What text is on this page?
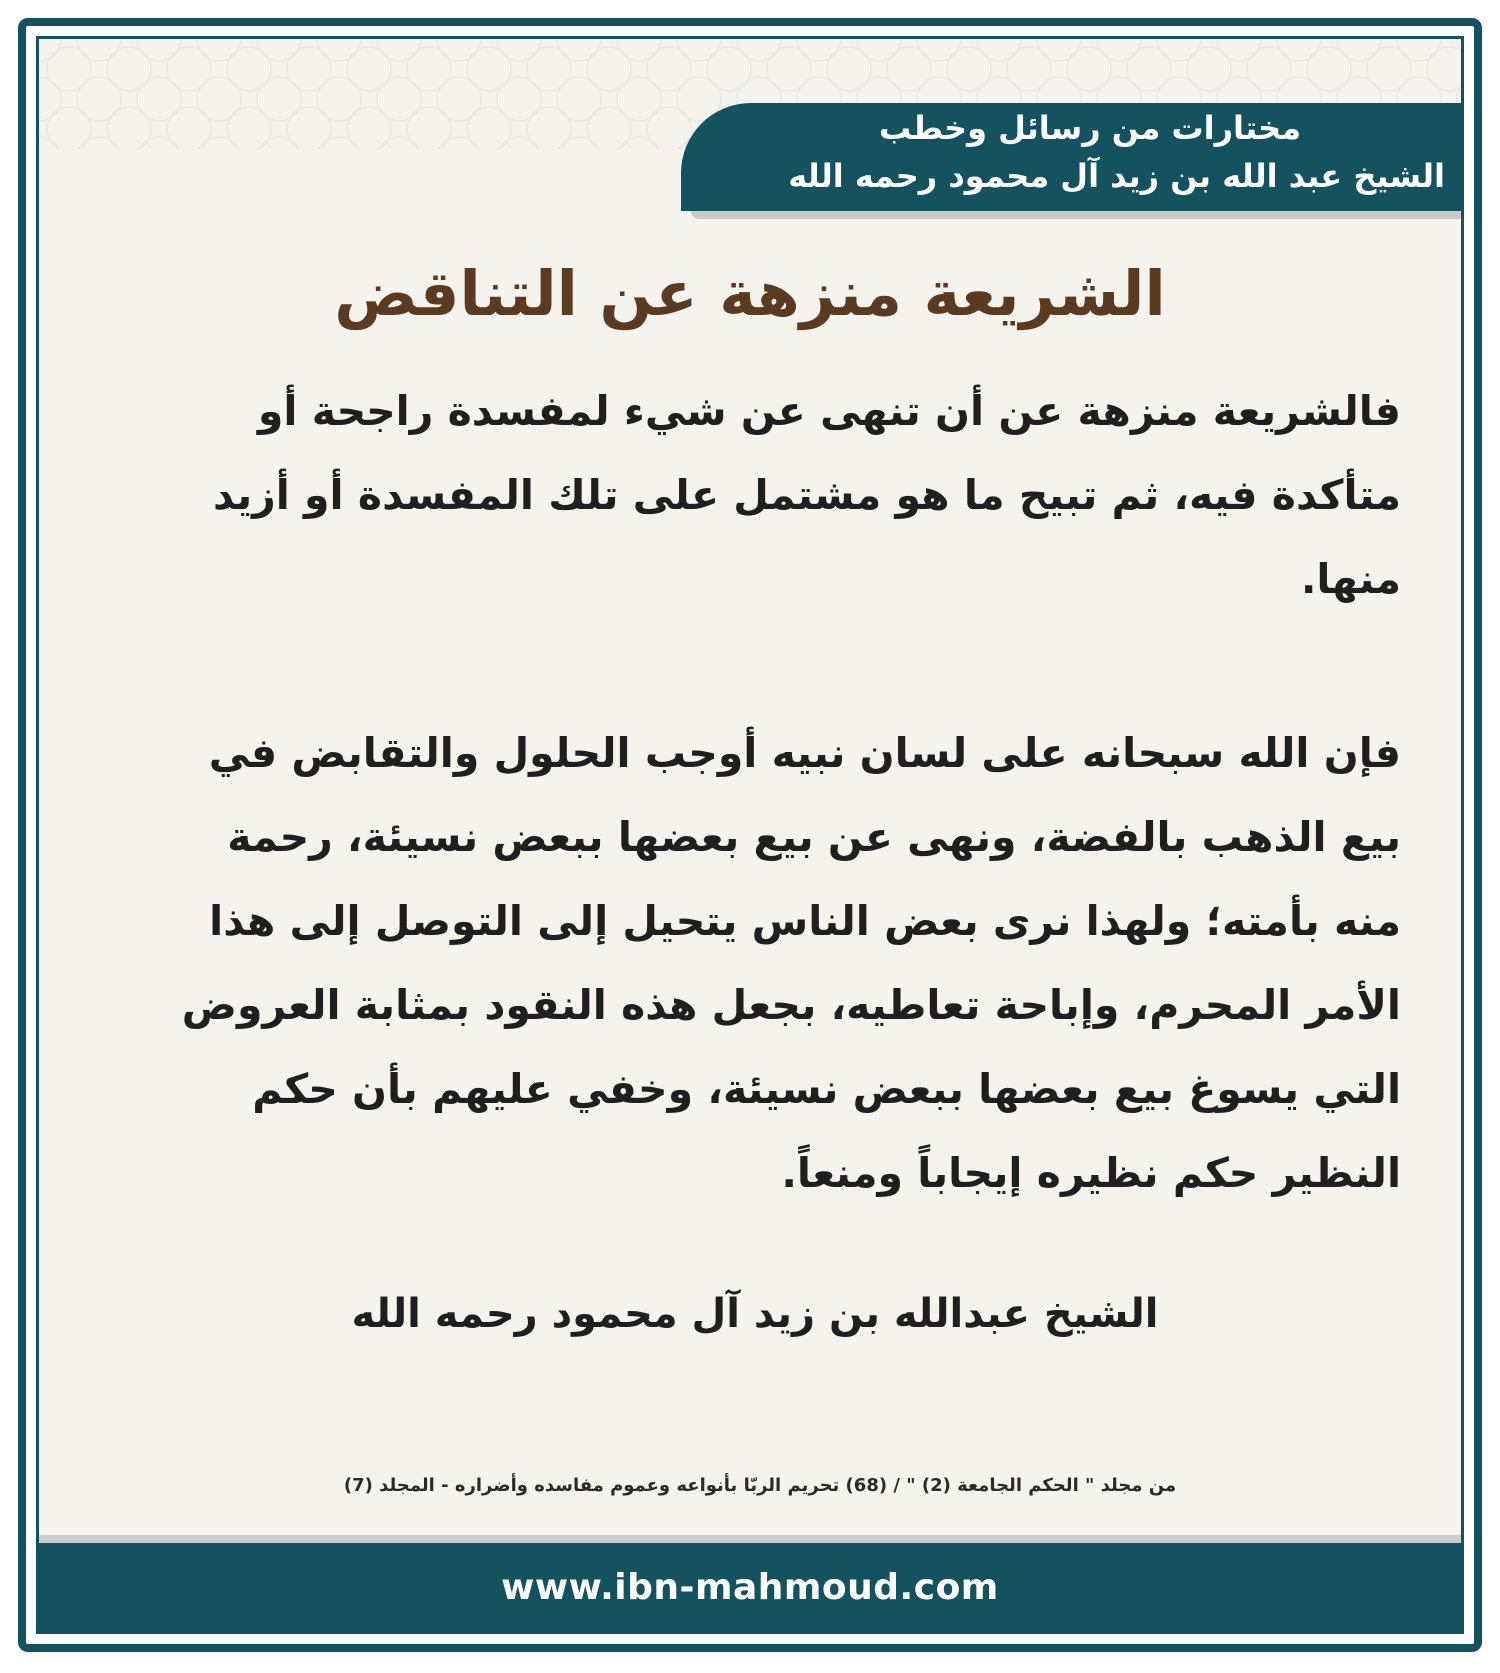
مختارات من رسائل وخطب
الشيخ عبد الله بن زيد آل محمود رحمه الله
الشريعة منزهة عن التناقض
فالشريعة منزهة عن أن تنهى عن شيء لمفسدة راجحة أو متأكدة فيه، ثم تبيح ما هو مشتمل على تلك المفسدة أو أزيد منها.
فإن الله سبحانه على لسان نبيه أوجب الحلول والتقابض في بيع الذهب بالفضة، ونهى عن بيع بعضها ببعض نسيئة، رحمة منه بأمته؛ ولهذا نرى بعض الناس يتحيل إلى التوصل إلى هذا الأمر المحرم، وإباحة تعاطيه، بجعل هذه النقود بمثابة العروض التي يسوغ بيع بعضها ببعض نسيئة، وخفي عليهم بأن حكم النظير حكم نظيره إيجاباً ومنعاً.
الشيخ عبدالله بن زيد آل محمود رحمه الله
من مجلد " الحكم الجامعة (2) " / (68) تحريم الربّا بأنواعه وعموم مفاسده وأضراره - المجلد (7)
www.ibn-mahmoud.com
